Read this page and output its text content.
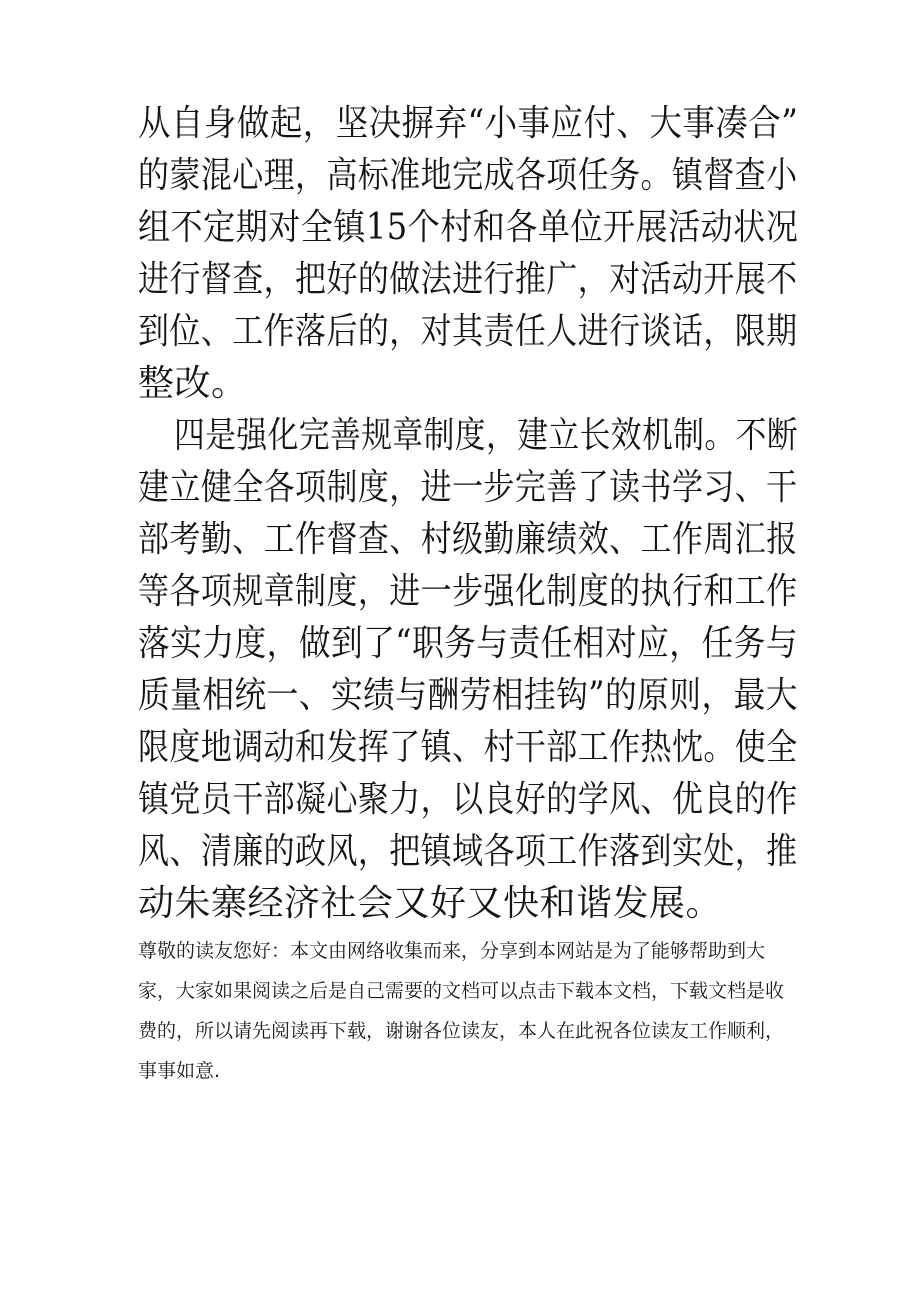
从自身做起，坚决摒弃“小事应付、大事凑合”
的蒙混心理，高标准地完成各项任务。镇督查小
组不定期对全镇15个村和各单位开展活动状况
进行督查，把好的做法进行推广，对活动开展不
到位、工作落后的，对其责任人进行谈话，限期
整改。
四是强化完善规章制度，建立长效机制。不断
建立健全各项制度，进一步完善了读书学习、干
部考勤、工作督查、村级勤廉绩效、工作周汇报
等各项规章制度，进一步强化制度的执行和工作
落实力度，做到了“职务与责任相对应，任务与
质量相统一、实绩与酬劳相挂钩”的原则，最大
限度地调动和发挥了镇、村干部工作热忱。使全
镇党员干部凝心聚力，以良好的学风、优良的作
风、清廉的政风，把镇域各项工作落到实处，推
动朱寨经济社会又好又快和谐发展。
尊敬的读友您好：本文由网络收集而来，分享到本网站是为了能够帮助到大
家，大家如果阅读之后是自己需要的文档可以点击下载本文档，下载文档是收
费的，所以请先阅读再下载，谢谢各位读友，本人在此祝各位读友工作顺利，
事事如意.
